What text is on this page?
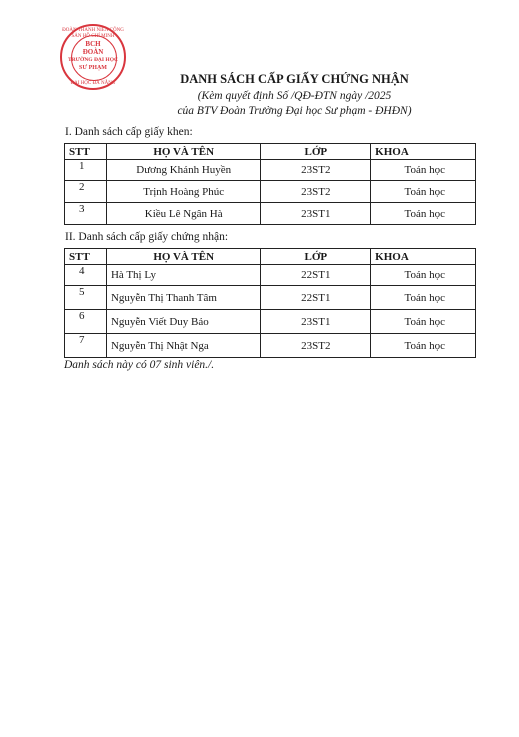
ĐOÀN THANH NIÊN CỘNG SẢN HỒ CHÍ MINH
BCH
ĐOÀN
TRƯỜNG ĐẠI HỌC
SƯ PHẠM
ĐẠI HỌC ĐÀ NẴNG	DANH SÁCH CẤP GIẤY CHỨNG NHẬN
(Kèm quyết định Số /QĐ-ĐTN ngày /2025
của BTV Đoàn Trường Đại học Sư phạm - ĐHĐN)
I. Danh sách cấp giấy khen:
STT	HỌ VÀ TÊN	LỚP	KHOA
1	Dương Khánh Huyền	23ST2	Toán học
2	Trịnh Hoàng Phúc	23ST2	Toán học
3	Kiều Lê Ngân Hà	23ST1	Toán học
II. Danh sách cấp giấy chứng nhận:
STT	HỌ VÀ TÊN	LỚP	KHOA
4	Hà Thị Ly	22ST1	Toán học
5	Nguyễn Thị Thanh Tâm	22ST1	Toán học
6	Nguyễn Viết Duy Bảo	23ST1	Toán học
7	Nguyễn Thị Nhật Nga	23ST2	Toán học
Danh sách này có 07 sinh viên./.
